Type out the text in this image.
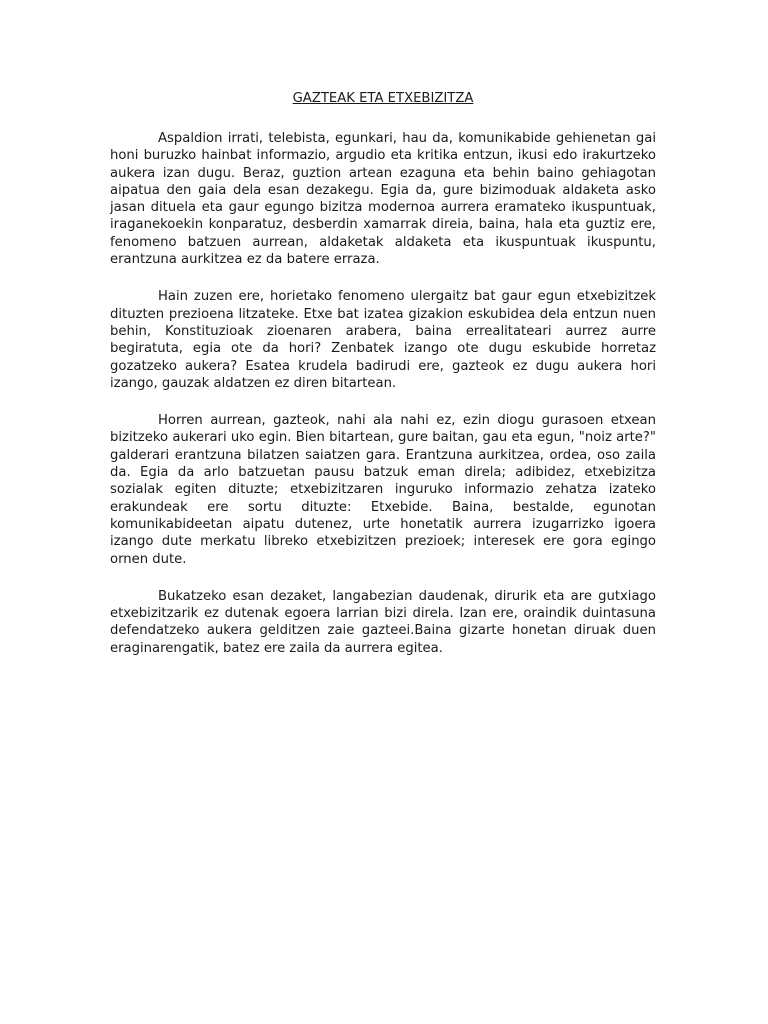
GAZTEAK ETA ETXEBIZITZA

Aspaldion irrati, telebista, egunkari, hau da, komunikabide gehienetan gai honi buruzko hainbat informazio, argudio eta kritika entzun, ikusi edo irakurtzeko aukera izan dugu. Beraz, guztion artean ezaguna eta behin baino gehiagotan aipatua den gaia dela esan dezakegu. Egia da, gure bizimoduak aldaketa asko jasan dituela eta gaur egungo bizitza modernoa aurrera eramateko ikuspuntuak, iraganekoekin konparatuz, desberdin xamarrak direia, baina, hala eta guztiz ere, fenomeno batzuen aurrean, aldaketak aldaketa eta ikuspuntuak ikuspuntu, erantzuna aurkitzea ez da batere erraza.

Hain zuzen ere, horietako fenomeno ulergaitz bat gaur egun etxebizitzek dituzten prezioena litzateke. Etxe bat izatea gizakion eskubidea dela entzun nuen behin, Konstituzioak zioenaren arabera, baina errealitateari aurrez aurre begiratuta, egia ote da hori? Zenbatek izango ote dugu eskubide horretaz gozatzeko aukera? Esatea krudela badirudi ere, gazteok ez dugu aukera hori izango, gauzak aldatzen ez diren bitartean.

Horren aurrean, gazteok, nahi ala nahi ez, ezin diogu gurasoen etxean bizitzeko aukerari uko egin. Bien bitartean, gure baitan, gau eta egun, "noiz arte?" galderari erantzuna bilatzen saiatzen gara. Erantzuna aurkitzea, ordea, oso zaila da. Egia da arlo batzuetan pausu batzuk eman direla; adibidez, etxebizitza sozialak egiten dituzte; etxebizitzaren inguruko informazio zehatza izateko erakundeak ere sortu dituzte: Etxebide. Baina, bestalde, egunotan komunikabideetan aipatu dutenez, urte honetatik aurrera izugarrizko igoera izango dute merkatu libreko etxebizitzen prezioek; interesek ere gora egingo ornen dute.

Bukatzeko esan dezaket, langabezian daudenak, dirurik eta are gutxiago etxebizitzarik ez dutenak egoera larrian bizi direla. Izan ere, oraindik duintasuna defendatzeko aukera gelditzen zaie gazteei.Baina gizarte honetan diruak duen eraginarengatik, batez ere zaila da aurrera egitea.
